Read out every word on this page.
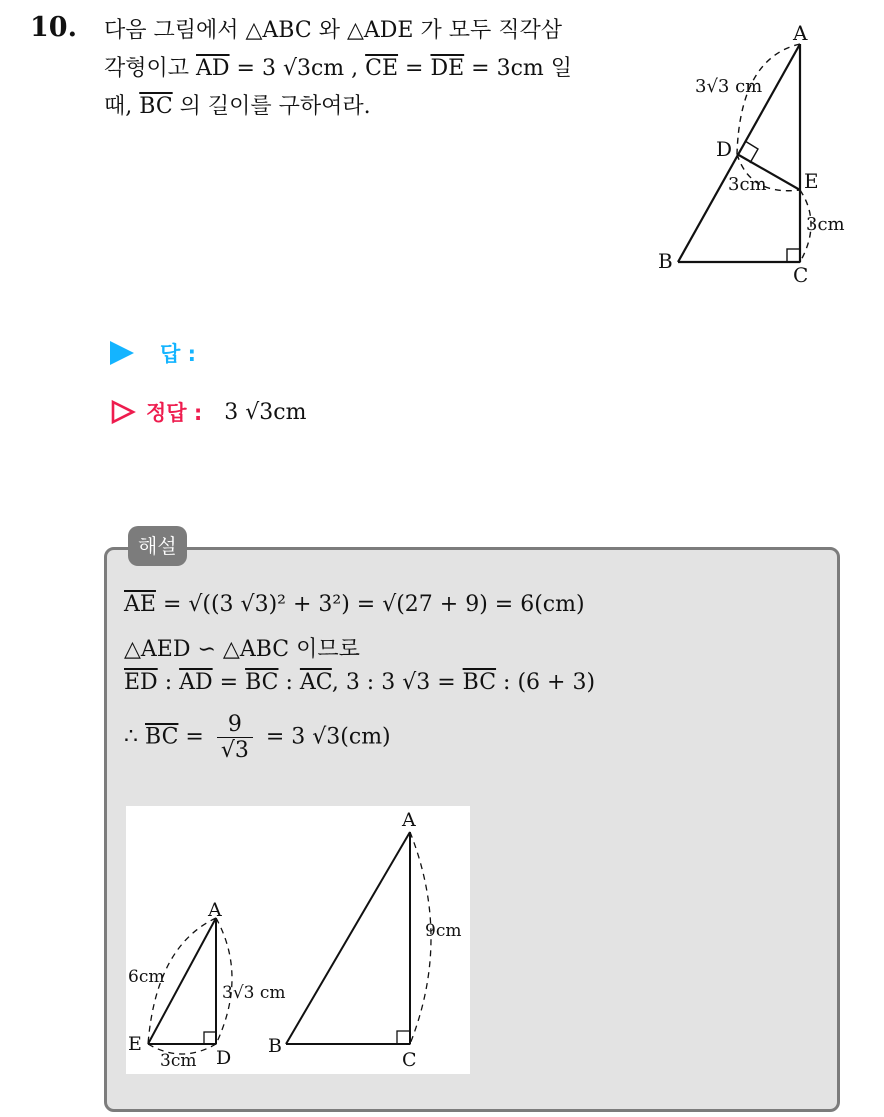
10. 다음 그림에서 △ABC 와 △ADE 가 모두 직각삼
각형이고 $\overline{AD} = 3$ √3cm , $\overline{CE} = \overline{DE} = 3cm$ 일
때, $\overline{BC}$ 의 길이를 구하여라.
A
B
C
D
E
3√3 cm
3cm
3cm
답 :
정답 : 3 √3cm
해설
$\overline{AE} = √((3$ √3)² + 3²) = √(27 + 9) = 6(cm)
△AED ∽ △ABC 이므로
$\overline{ED}$ : $\overline{AD} = \overline{BC}$ : $\overline{AC}$, 3 : 3 $√3 = \overline{BC}$ : (6 + 3)
∴ $\overline{BC} = \frac{9}{√3} = 3$ √3(cm)
A
E
D
6cm
3√3 cm
3cm
A
B
C
9cm
